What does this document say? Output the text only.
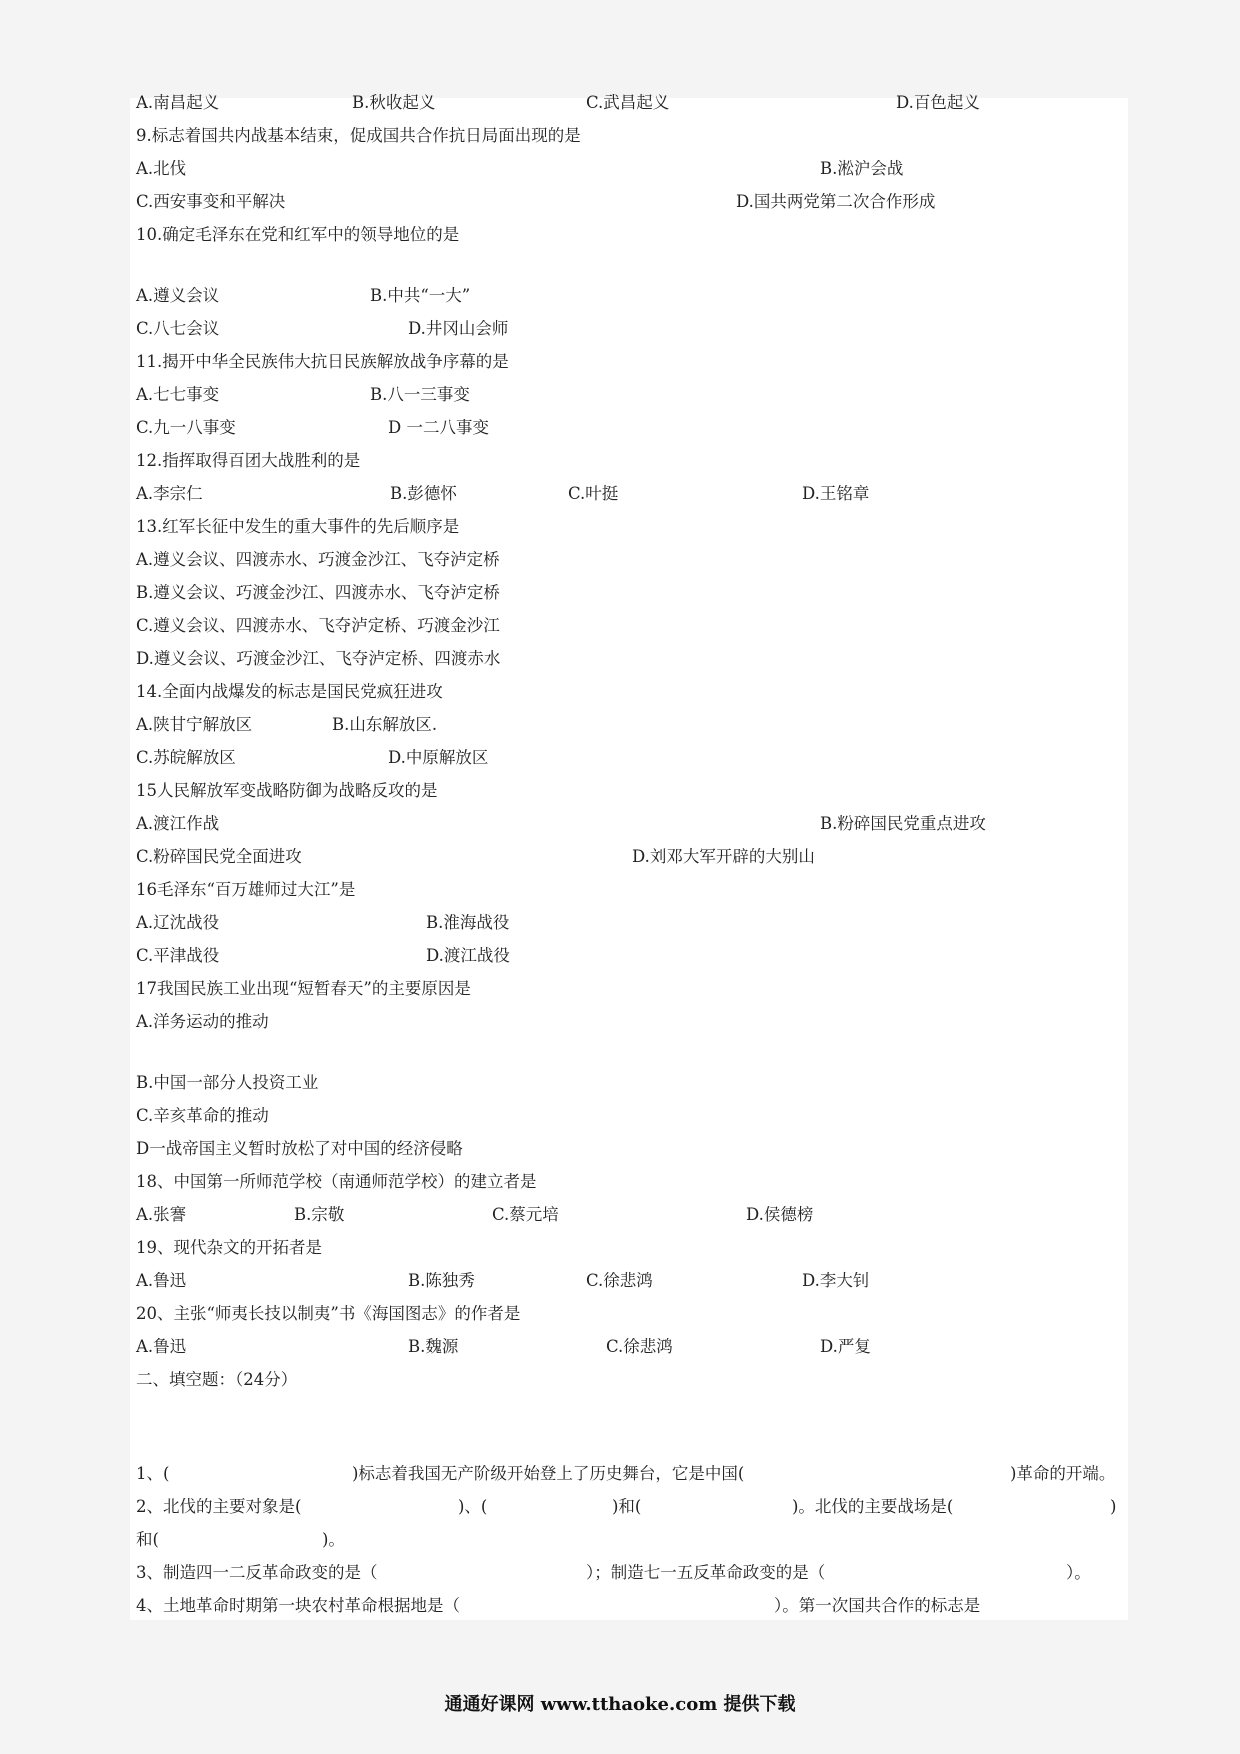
A.南昌起义	B.秋收起义	C.武昌起义	D.百色起义
9.标志着国共内战基本结束，促成国共合作抗日局面出现的是
A.北伐	B.淞沪会战
C.西安事变和平解决	D.国共两党第二次合作形成
10.确定毛泽东在党和红军中的领导地位的是
A.遵义会议	B.中共“一大”
C.八七会议	D.井冈山会师
11.揭开中华全民族伟大抗日民族解放战争序幕的是
A.七七事变	B.八一三事变
C.九一八事变	D 一二八事变
12.指挥取得百团大战胜利的是
A.李宗仁	B.彭德怀	C.叶挺	D.王铭章
13.红军长征中发生的重大事件的先后顺序是
A.遵义会议、四渡赤水、巧渡金沙江、飞夺泸定桥
B.遵义会议、巧渡金沙江、四渡赤水、飞夺泸定桥
C.遵义会议、四渡赤水、飞夺泸定桥、巧渡金沙江
D.遵义会议、巧渡金沙江、飞夺泸定桥、四渡赤水
14.全面内战爆发的标志是国民党疯狂进攻
A.陕甘宁解放区	B.山东解放区.
C.苏皖解放区	D.中原解放区
15人民解放军变战略防御为战略反攻的是
A.渡江作战	B.粉碎国民党重点进攻
C.粉碎国民党全面进攻	D.刘邓大军开辟的大别山
16毛泽东“百万雄师过大江”是
A.辽沈战役	B.淮海战役
C.平津战役	D.渡江战役
17我国民族工业出现“短暂春天”的主要原因是
A.洋务运动的推动
B.中国一部分人投资工业
C.辛亥革命的推动
D一战帝国主义暂时放松了对中国的经济侵略
18、中国第一所师范学校（南通师范学校）的建立者是
A.张謇	B.宗敬	C.蔡元培	D.侯德榜
19、现代杂文的开拓者是
A.鲁迅	B.陈独秀	C.徐悲鸿	D.李大钊
20、主张“师夷长技以制夷”书《海国图志》的作者是
A.鲁迅	B.魏源	C.徐悲鸿	D.严复
二、填空题：（24分）
1、(	)标志着我国无产阶级开始登上了历史舞台，它是中国(	)革命的开端。
2、北伐的主要对象是(	)、(	)和(	)。北伐的主要战场是(	)
和(	)。
3、制造四一二反革命政变的是（	）；制造七一五反革命政变的是（	）。
4、土地革命时期第一块农村革命根据地是（	）。第一次国共合作的标志是
通通好课网 www.tthaoke.com 提供下载
